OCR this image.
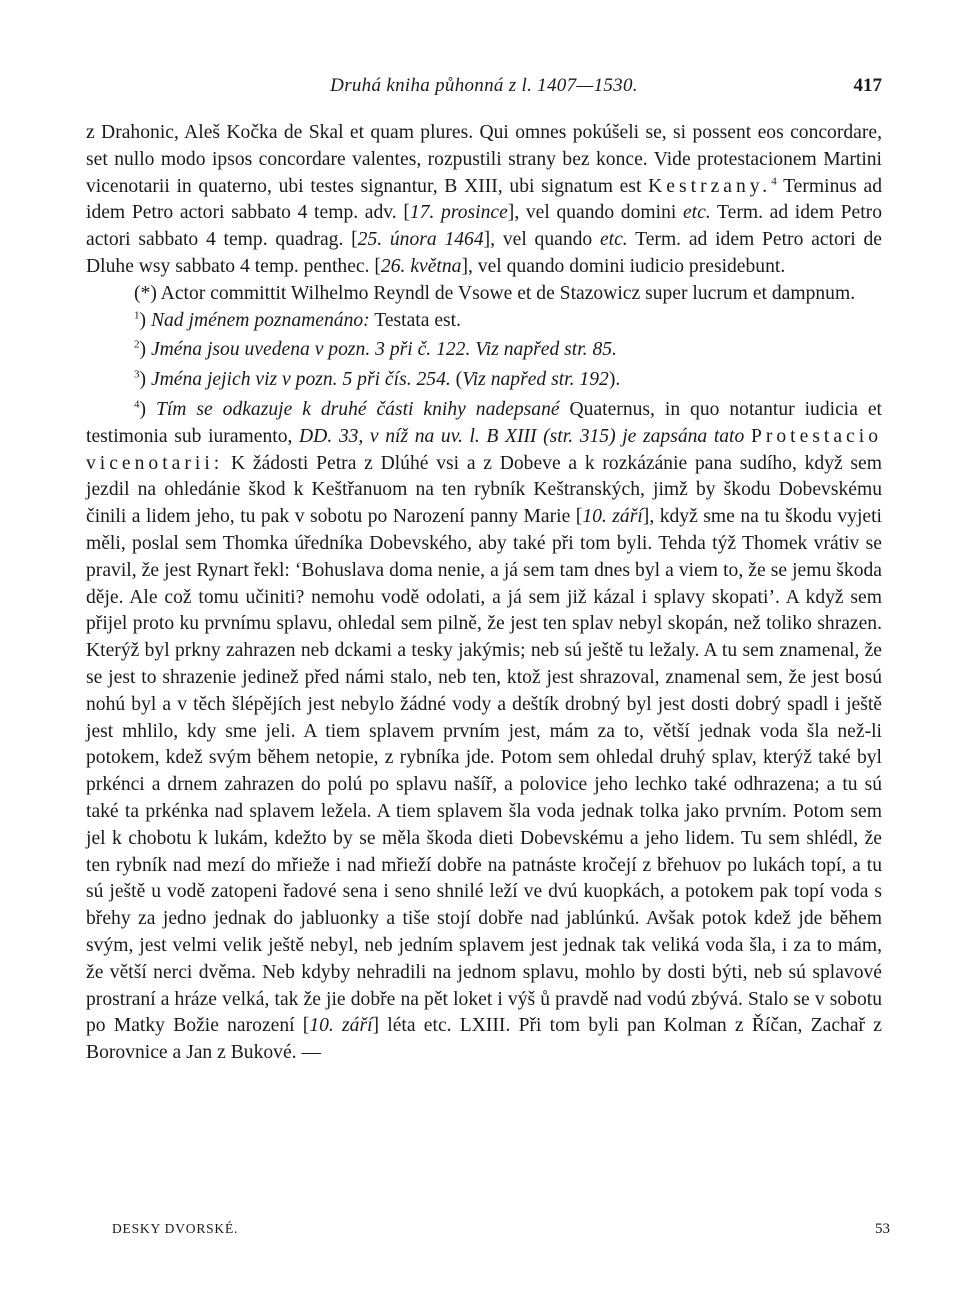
Druhá kniha půhonná z l. 1407—1530.	417

z Drahonic, Aleš Kočka de Skal et quam plures. Qui omnes pokúšeli se, si possent eos concordare, set nullo modo ipsos concordare valentes, rozpustili strany bez konce. Vide protestacionem Martini vicenotarii in quaterno, ubi testes signantur, B XIII, ubi signatum est Kestrzany.$^4$ Terminus ad idem Petro actori sabbato 4 temp. adv. [17. prosince], vel quando domini etc. Term. ad idem Petro actori sabbato 4 temp. quadrag. [25. února 1464], vel quando etc. Term. ad idem Petro actori de Dluhe wsy sabbato 4 temp. penthec. [26. května], vel quando domini iudicio presidebunt.

(*) Actor committit Wilhelmo Reyndl de Vsowe et de Stazowicz super lucrum et dampnum.

$^1$) Nad jménem poznamenáno: Testata est.

$^2$) Jména jsou uvedena v pozn. 3 při č. 122. Viz napřed str. 85.

$^3$) Jména jejich viz v pozn. 5 při čís. 254. (Viz napřed str. 192).

$^4$) Tím se odkazuje k druhé části knihy nadepsané Quaternus, in quo notantur iudicia et testimonia sub iuramento, DD. 33, v níž na uv. l. B XIII (str. 315) je zapsána tato Protestacio vicenotarii: K žádosti Petra z Dlúhé vsi a z Dobeve a k rozkázánie pana sudího, když sem jezdil na ohledánie škod k Keštřanuom na ten rybník Keštranských, jimž by škodu Dobevskému činili a lidem jeho, tu pak v sobotu po Narození panny Marie [10. září], když sme na tu škodu vyjeti měli, poslal sem Thomka úředníka Dobevského, aby také při tom byli. Tehda týž Thomek vrátiv se pravil, že jest Rynart řekl: ‘Bohuslava doma nenie, a já sem tam dnes byl a viem to, že se jemu škoda děje. Ale což tomu učiniti? nemohu vodě odolati, a já sem již kázal i splavy skopati’. A když sem přijel proto ku prvnímu splavu, ohledal sem pilně, že jest ten splav nebyl skopán, než toliko shrazen. Kterýž byl prkny zahrazen neb dckami a tesky jakýmis; neb sú ještě tu ležaly. A tu sem znamenal, že se jest to shrazenie jedinež před námi stalo, neb ten, ktož jest shrazoval, znamenal sem, že jest bosú nohú byl a v těch šlépějích jest nebylo žádné vody a deštík drobný byl jest dosti dobrý spadl i ještě jest mhlilo, kdy sme jeli. A tiem splavem prvním jest, mám za to, větší jednak voda šla než-li potokem, kdež svým během netopie, z rybníka jde. Potom sem ohledal druhý splav, kterýž také byl prkénci a drnem zahrazen do polú po splavu našíř, a polovice jeho lechko také odhrazena; a tu sú také ta prkénka nad splavem ležela. A tiem splavem šla voda jednak tolka jako prvním. Potom sem jel k chobotu k lukám, kdežto by se měla škoda dieti Dobevskému a jeho lidem. Tu sem shlédl, že ten rybník nad mezí do mřieže i nad mřieží dobře na patnáste kročejí z břehuov po lukách topí, a tu sú ještě u vodě zatopeni řadové sena i seno shnilé leží ve dvú kuopkách, a potokem pak topí voda s břehy za jedno jednak do jabluonky a tiše stojí dobře nad jablúnkú. Avšak potok kdež jde během svým, jest velmi velik ještě nebyl, neb jedním splavem jest jednak tak veliká voda šla, i za to mám, že větší nerci dvěma. Neb kdyby nehradili na jednom splavu, mohlo by dosti býti, neb sú splavové prostraní a hráze velká, tak že jie dobře na pět loket i výš ů pravdě nad vodú zbývá. Stalo se v sobotu po Matky Božie narození [10. září] léta etc. LXIII. Při tom byli pan Kolman z Říčan, Zachař z Borovnice a Jan z Bukové. —

DESKY DVORSKÉ.	53
